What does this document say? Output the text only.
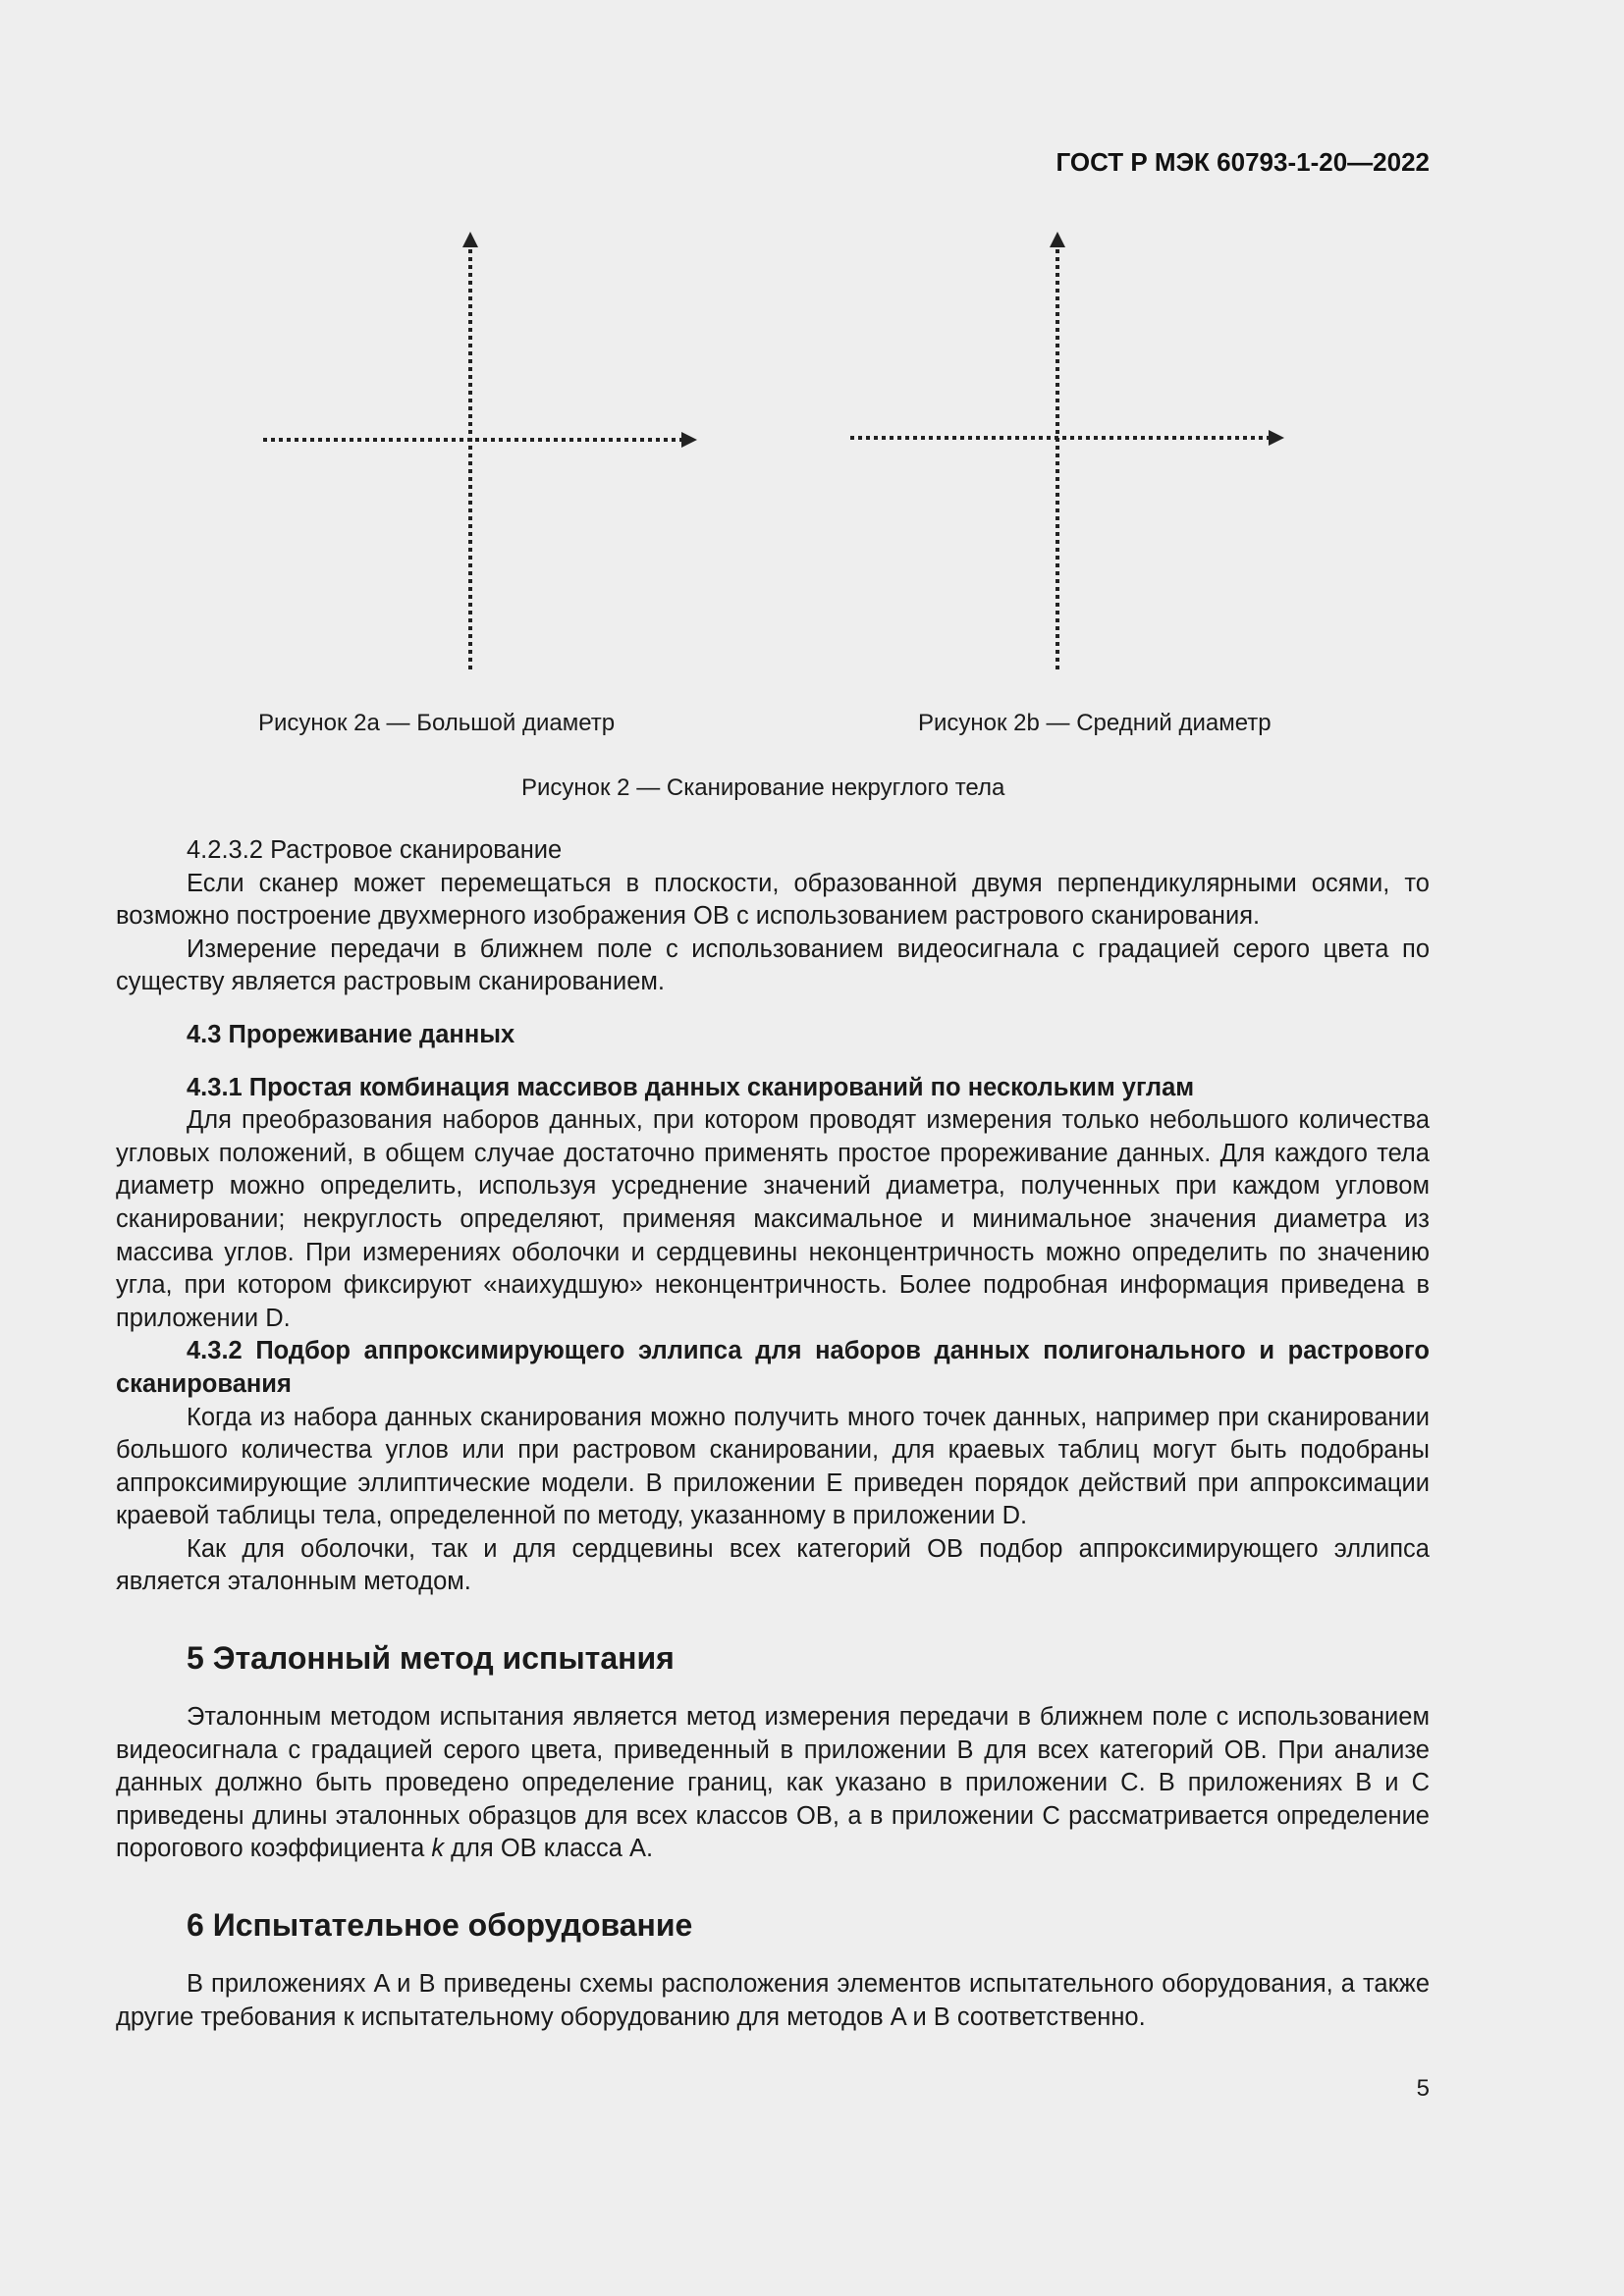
ГОСТ Р МЭК 60793-1-20—2022
Рисунок 2a — Большой диаметр	Рисунок 2b — Средний диаметр
Рисунок 2 — Сканирование некруглого тела

4.2.3.2 Растровое сканирование

Если сканер может перемещаться в плоскости, образованной двумя перпендикулярными осями, то возможно построение двухмерного изображения ОВ с использованием растрового сканирования.

Измерение передачи в ближнем поле с использованием видеосигнала с градацией серого цвета по существу является растровым сканированием.

4.3 Прореживание данных

4.3.1 Простая комбинация массивов данных сканирований по нескольким углам

Для преобразования наборов данных, при котором проводят измерения только небольшого количества угловых положений, в общем случае достаточно применять простое прореживание данных. Для каждого тела диаметр можно определить, используя усреднение значений диаметра, полученных при каждом угловом сканировании; некруглость определяют, применяя максимальное и минимальное значения диаметра из массива углов. При измерениях оболочки и сердцевины неконцентричность можно определить по значению угла, при котором фиксируют «наихудшую» неконцентричность. Более подробная информация приведена в приложении D.

4.3.2 Подбор аппроксимирующего эллипса для наборов данных полигонального и растрового сканирования

Когда из набора данных сканирования можно получить много точек данных, например при сканировании большого количества углов или при растровом сканировании, для краевых таблиц могут быть подобраны аппроксимирующие эллиптические модели. В приложении E приведен порядок действий при аппроксимации краевой таблицы тела, определенной по методу, указанному в приложении D.

Как для оболочки, так и для сердцевины всех категорий ОВ подбор аппроксимирующего эллипса является эталонным методом.

5 Эталонный метод испытания

Эталонным методом испытания является метод измерения передачи в ближнем поле с использованием видеосигнала с градацией серого цвета, приведенный в приложении B для всех категорий ОВ. При анализе данных должно быть проведено определение границ, как указано в приложении C. В приложениях B и C приведены длины эталонных образцов для всех классов ОВ, а в приложении C рассматривается определение порогового коэффициента k для ОВ класса A.

6 Испытательное оборудование

В приложениях A и B приведены схемы расположения элементов испытательного оборудования, а также другие требования к испытательному оборудованию для методов A и B соответственно.

5
